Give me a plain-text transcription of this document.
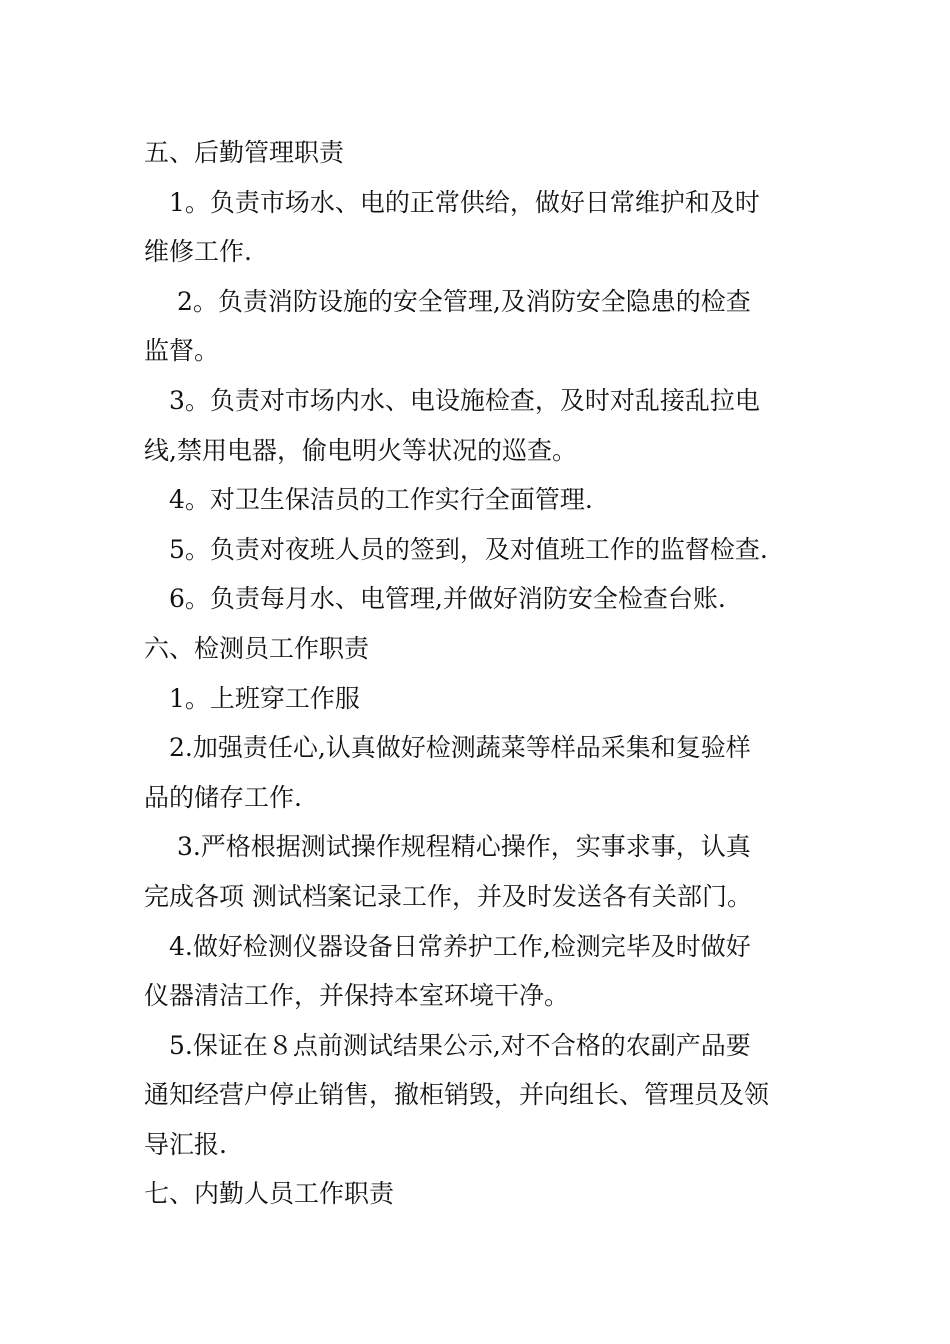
五、后勤管理职责
　1。负责市场水、电的正常供给，做好日常维护和及时
维修工作.
　 2。负责消防设施的安全管理,及消防安全隐患的检查
监督。
　3。负责对市场内水、电设施检查，及时对乱接乱拉电
线,禁用电器，偷电明火等状况的巡查。
　4。对卫生保洁员的工作实行全面管理.
　5。负责对夜班人员的签到，及对值班工作的监督检查.
　6。负责每月水、电管理,并做好消防安全检查台账.
六、检测员工作职责
　1。上班穿工作服
　2.加强责任心,认真做好检测蔬菜等样品采集和复验样
品的储存工作.
　 3.严格根据测试操作规程精心操作，实事求事，认真
完成各项 测试档案记录工作，并及时发送各有关部门。
　4.做好检测仪器设备日常养护工作,检测完毕及时做好
仪器清洁工作，并保持本室环境干净。
　5.保证在８点前测试结果公示,对不合格的农副产品要
通知经营户停止销售，撤柜销毁，并向组长、管理员及领
导汇报.
七、内勤人员工作职责
